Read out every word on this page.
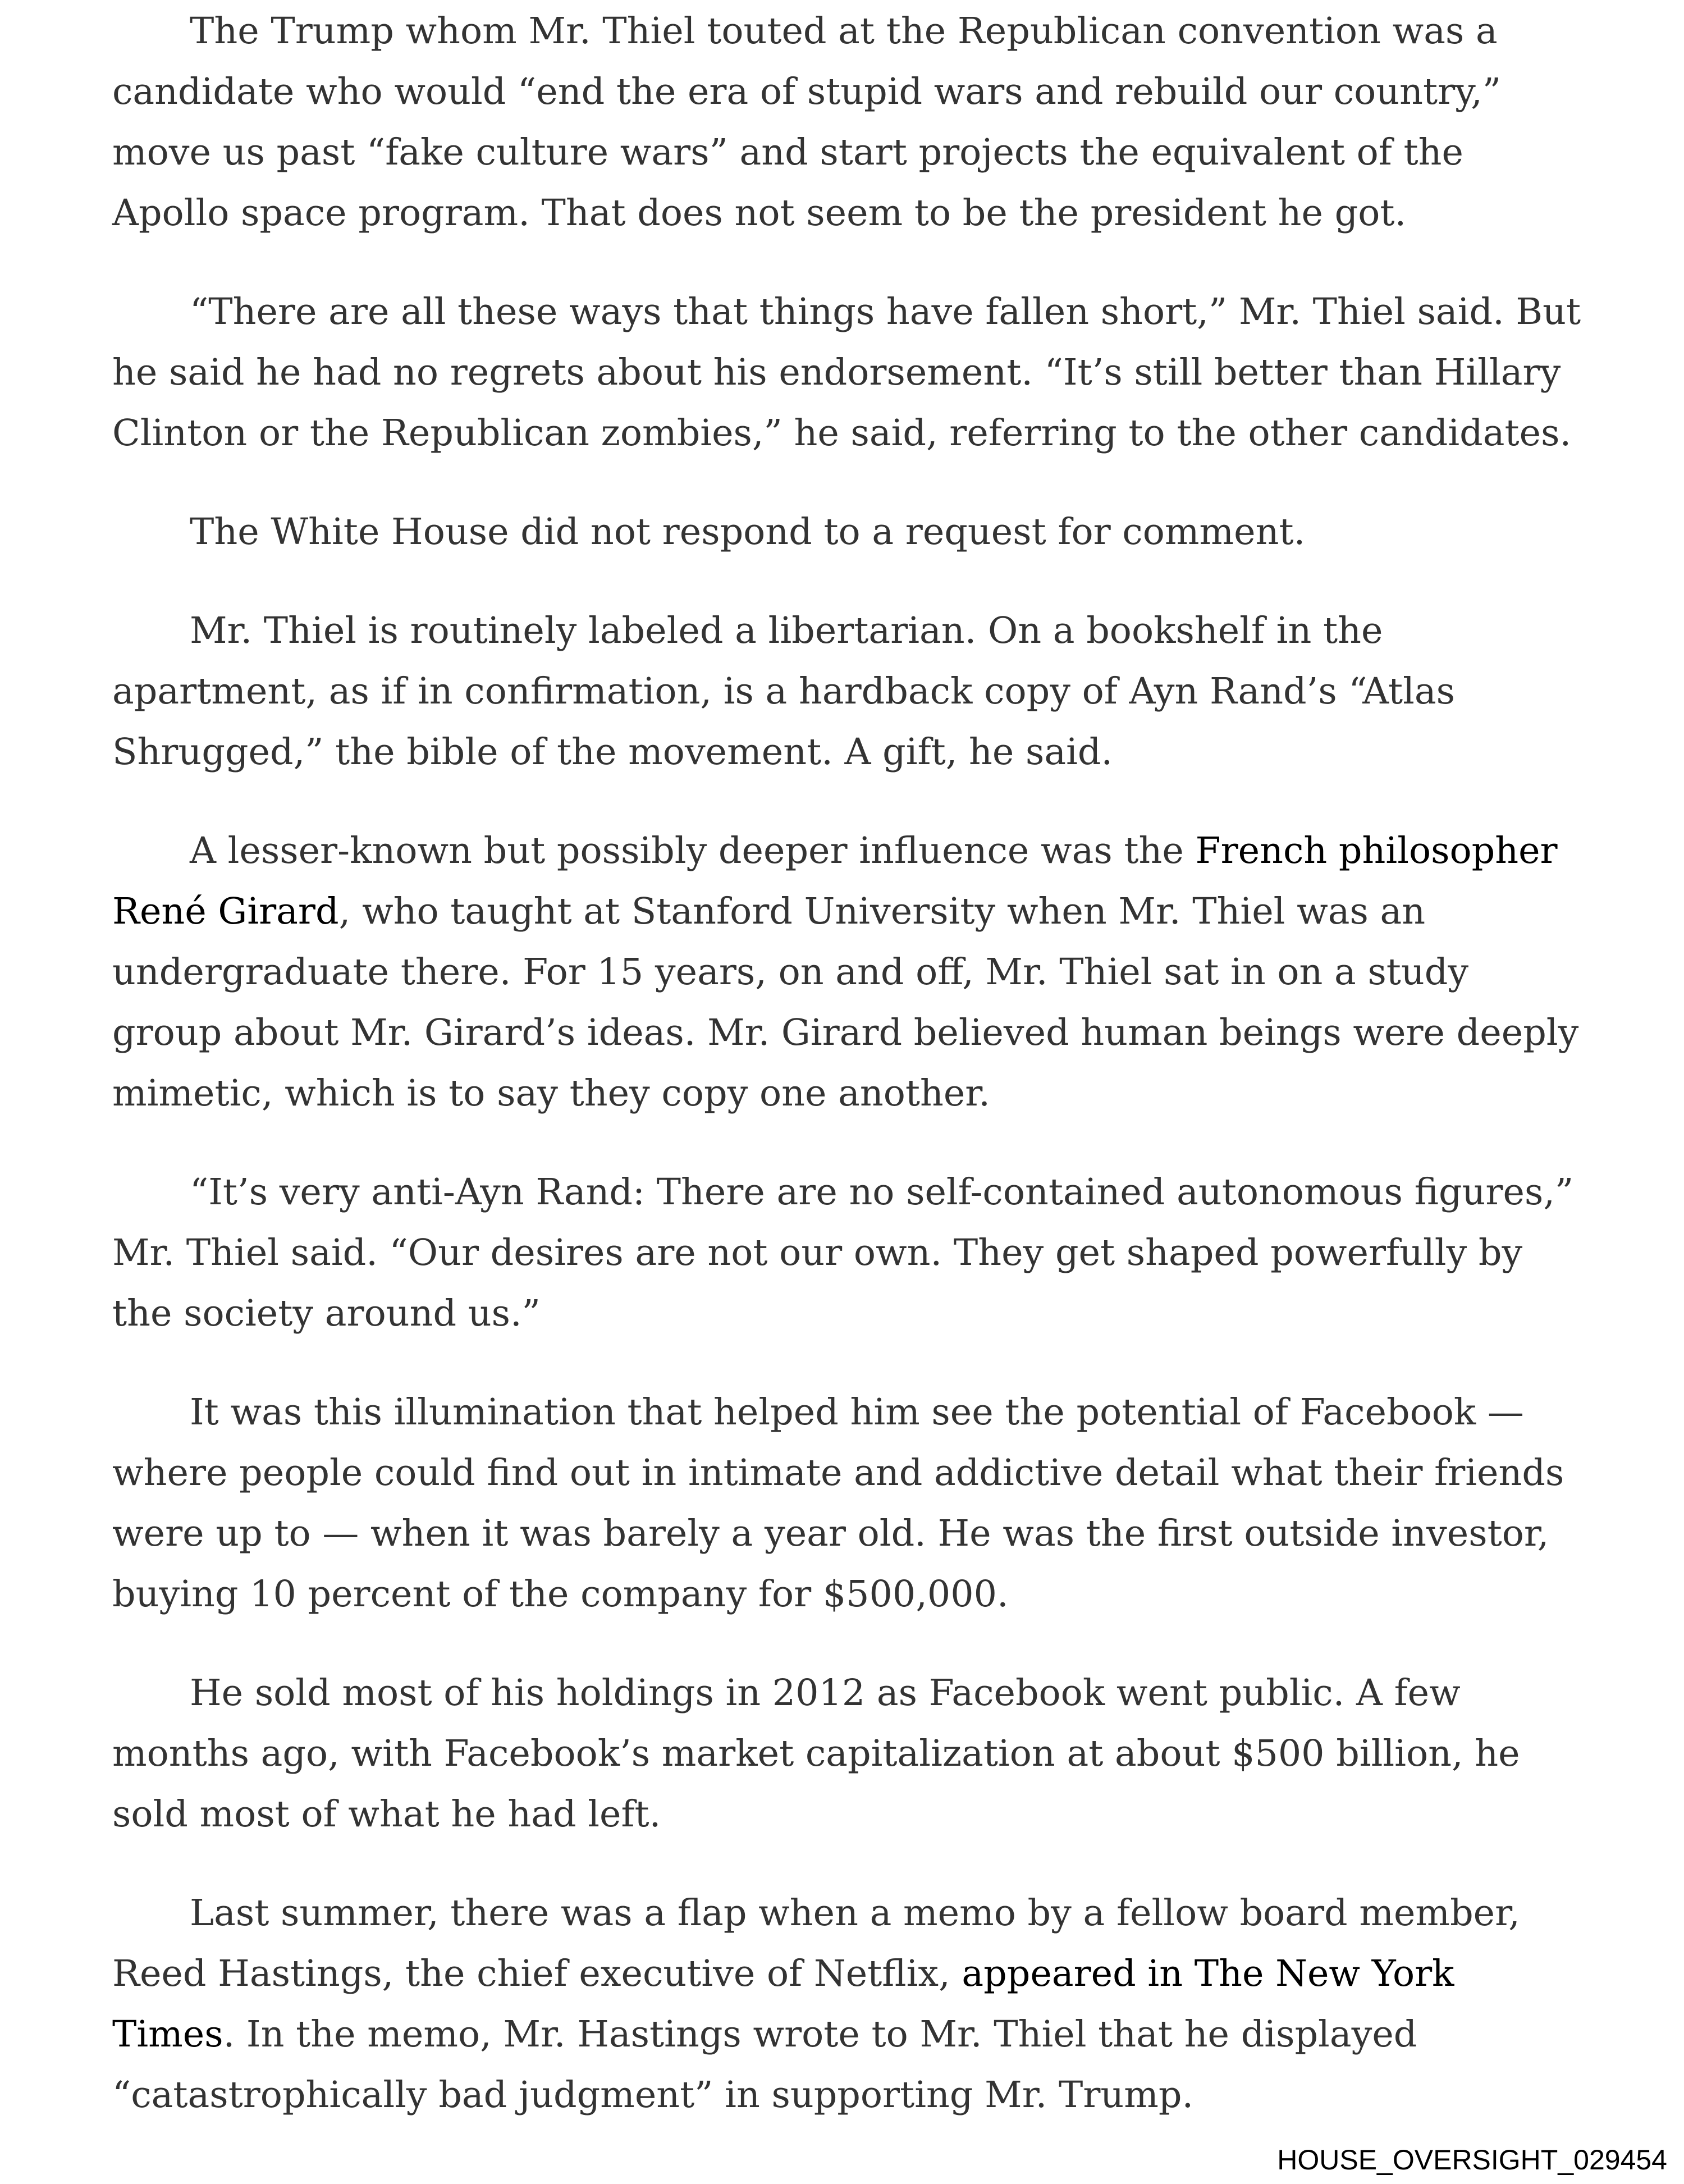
The Trump whom Mr. Thiel touted at the Republican convention was a candidate who would “end the era of stupid wars and rebuild our country,” move us past “fake culture wars” and start projects the equivalent of the Apollo space program. That does not seem to be the president he got.

“There are all these ways that things have fallen short,” Mr. Thiel said. But he said he had no regrets about his endorsement. “It’s still better than Hillary Clinton or the Republican zombies,” he said, referring to the other candidates.

The White House did not respond to a request for comment.

Mr. Thiel is routinely labeled a libertarian. On a bookshelf in the apartment, as if in confirmation, is a hardback copy of Ayn Rand’s “Atlas Shrugged,” the bible of the movement. A gift, he said.

A lesser-known but possibly deeper influence was the French philosopher René Girard, who taught at Stanford University when Mr. Thiel was an undergraduate there. For 15 years, on and off, Mr. Thiel sat in on a study group about Mr. Girard’s ideas. Mr. Girard believed human beings were deeply mimetic, which is to say they copy one another.

“It’s very anti-Ayn Rand: There are no self-contained autonomous figures,” Mr. Thiel said. “Our desires are not our own. They get shaped powerfully by the society around us.”

It was this illumination that helped him see the potential of Facebook — where people could find out in intimate and addictive detail what their friends were up to — when it was barely a year old. He was the first outside investor, buying 10 percent of the company for $500,000.

He sold most of his holdings in 2012 as Facebook went public. A few months ago, with Facebook’s market capitalization at about $500 billion, he sold most of what he had left.

Last summer, there was a flap when a memo by a fellow board member, Reed Hastings, the chief executive of Netflix, appeared in The New York Times. In the memo, Mr. Hastings wrote to Mr. Thiel that he displayed “catastrophically bad judgment” in supporting Mr. Trump.

HOUSE_OVERSIGHT_029454
